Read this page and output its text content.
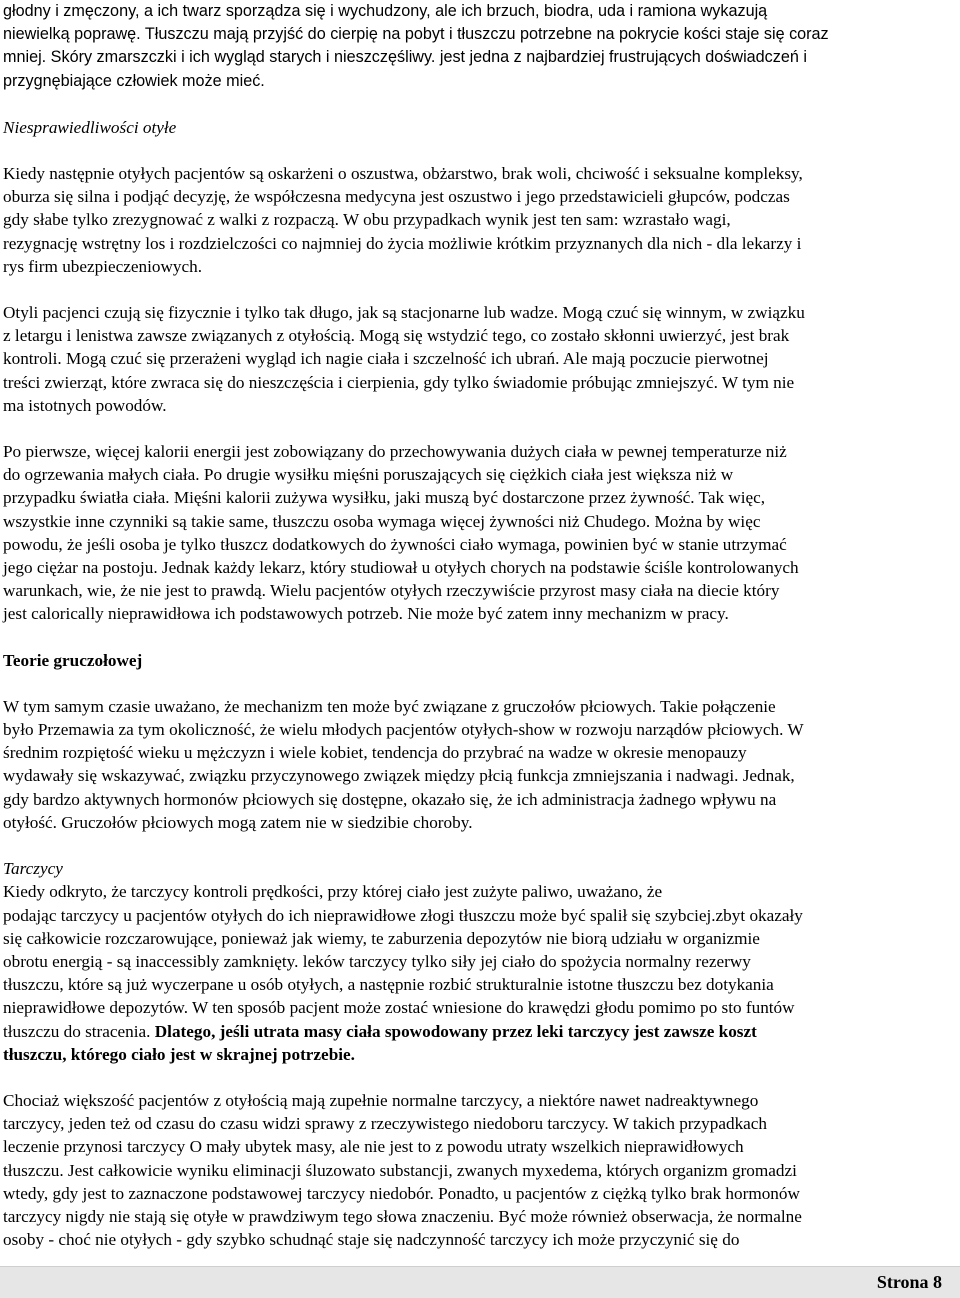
głodny i zmęczony, a ich twarz sporządza się i wychudzony, ale ich brzuch, biodra, uda i ramiona wykazują

niewielką poprawę. Tłuszczu mają przyjść do cierpię na pobyt i tłuszczu potrzebne na pokrycie kości staje się coraz

mniej. Skóry zmarszczki i ich wygląd starych i nieszczęśliwy. jest jedna z najbardziej frustrujących doświadczeń i

przygnębiające człowiek może mieć.

Niesprawiedliwości otyłe

Kiedy następnie otyłych pacjentów są oskarżeni o oszustwa, obżarstwo, brak woli, chciwość i seksualne kompleksy,

oburza się silna i podjąć decyzję, że współczesna medycyna jest oszustwo i jego przedstawicieli głupców, podczas

gdy słabe tylko zrezygnować z walki z rozpaczą. W obu przypadkach wynik jest ten sam: wzrastało wagi,

rezygnację wstrętny los i rozdzielczości co najmniej do życia możliwie krótkim przyznanych dla nich - dla lekarzy i

rys firm ubezpieczeniowych.

Otyli pacjenci czują się fizycznie i tylko tak długo, jak są stacjonarne lub wadze. Mogą czuć się winnym, w związku

z letargu i lenistwa zawsze związanych z otyłością. Mogą się wstydzić tego, co zostało skłonni uwierzyć, jest brak

kontroli. Mogą czuć się przerażeni wygląd ich nagie ciała i szczelność ich ubrań. Ale mają poczucie pierwotnej

treści zwierząt, które zwraca się do nieszczęścia i cierpienia, gdy tylko świadomie próbując zmniejszyć. W tym nie

ma istotnych powodów.

Po pierwsze, więcej kalorii energii jest zobowiązany do przechowywania dużych ciała w pewnej temperaturze niż

do ogrzewania małych ciała. Po drugie wysiłku mięśni poruszających się ciężkich ciała jest większa niż w

przypadku światła ciała. Mięśni kalorii zużywa wysiłku, jaki muszą być dostarczone przez żywność. Tak więc,

wszystkie inne czynniki są takie same, tłuszczu osoba wymaga więcej żywności niż Chudego. Można by więc

powodu, że jeśli osoba je tylko tłuszcz dodatkowych do żywności ciało wymaga, powinien być w stanie utrzymać

jego ciężar na postoju. Jednak każdy lekarz, który studiował u otyłych chorych na podstawie ściśle kontrolowanych

warunkach, wie, że nie jest to prawdą. Wielu pacjentów otyłych rzeczywiście przyrost masy ciała na diecie który

jest calorically nieprawidłowa ich podstawowych potrzeb. Nie może być zatem inny mechanizm w pracy.

Teorie gruczołowej

W tym samym czasie uważano, że mechanizm ten może być związane z gruczołów płciowych. Takie połączenie

było Przemawia za tym okoliczność, że wielu młodych pacjentów otyłych-show w rozwoju narządów płciowych. W

średnim rozpiętość wieku u mężczyzn i wiele kobiet, tendencja do przybrać na wadze w okresie menopauzy

wydawały się wskazywać, związku przyczynowego związek między płcią funkcja zmniejszania i nadwagi. Jednak,

gdy bardzo aktywnych hormonów płciowych się dostępne, okazało się, że ich administracja żadnego wpływu na

otyłość. Gruczołów płciowych mogą zatem nie w siedzibie choroby.

Tarczycy

Kiedy odkryto, że tarczycy kontroli prędkości, przy której ciało jest zużyte paliwo, uważano, że

podając tarczycy u pacjentów otyłych do ich nieprawidłowe złogi tłuszczu może być spalił się szybciej.zbyt okazały

się całkowicie rozczarowujące, ponieważ jak wiemy, te zaburzenia depozytów nie biorą udziału w organizmie

obrotu energią - są inaccessibly zamknięty. leków tarczycy tylko siły jej ciało do spożycia normalny rezerwy

tłuszczu, które są już wyczerpane u osób otyłych, a następnie rozbić strukturalnie istotne tłuszczu bez dotykania

nieprawidłowe depozytów. W ten sposób pacjent może zostać wniesione do krawędzi głodu pomimo po sto funtów

tłuszczu do stracenia. Dlatego, jeśli utrata masy ciała spowodowany przez leki tarczycy jest zawsze koszt

tłuszczu, którego ciało jest w skrajnej potrzebie.

Chociaż większość pacjentów z otyłością mają zupełnie normalne tarczycy, a niektóre nawet nadreaktywnego

tarczycy, jeden też od czasu do czasu widzi sprawy z rzeczywistego niedoboru tarczycy. W takich przypadkach

leczenie przynosi tarczycy O mały ubytek masy, ale nie jest to z powodu utraty wszelkich nieprawidłowych

tłuszczu. Jest całkowicie wyniku eliminacji śluzowato substancji, zwanych myxedema, których organizm gromadzi

wtedy, gdy jest to zaznaczone podstawowej tarczycy niedobór. Ponadto, u pacjentów z ciężką tylko brak hormonów

tarczycy nigdy nie stają się otyłe w prawdziwym tego słowa znaczeniu. Być może również obserwacja, że normalne

osoby - choć nie otyłych - gdy szybko schudnąć staje się nadczynność tarczycy ich może przyczynić się do

Strona 8
